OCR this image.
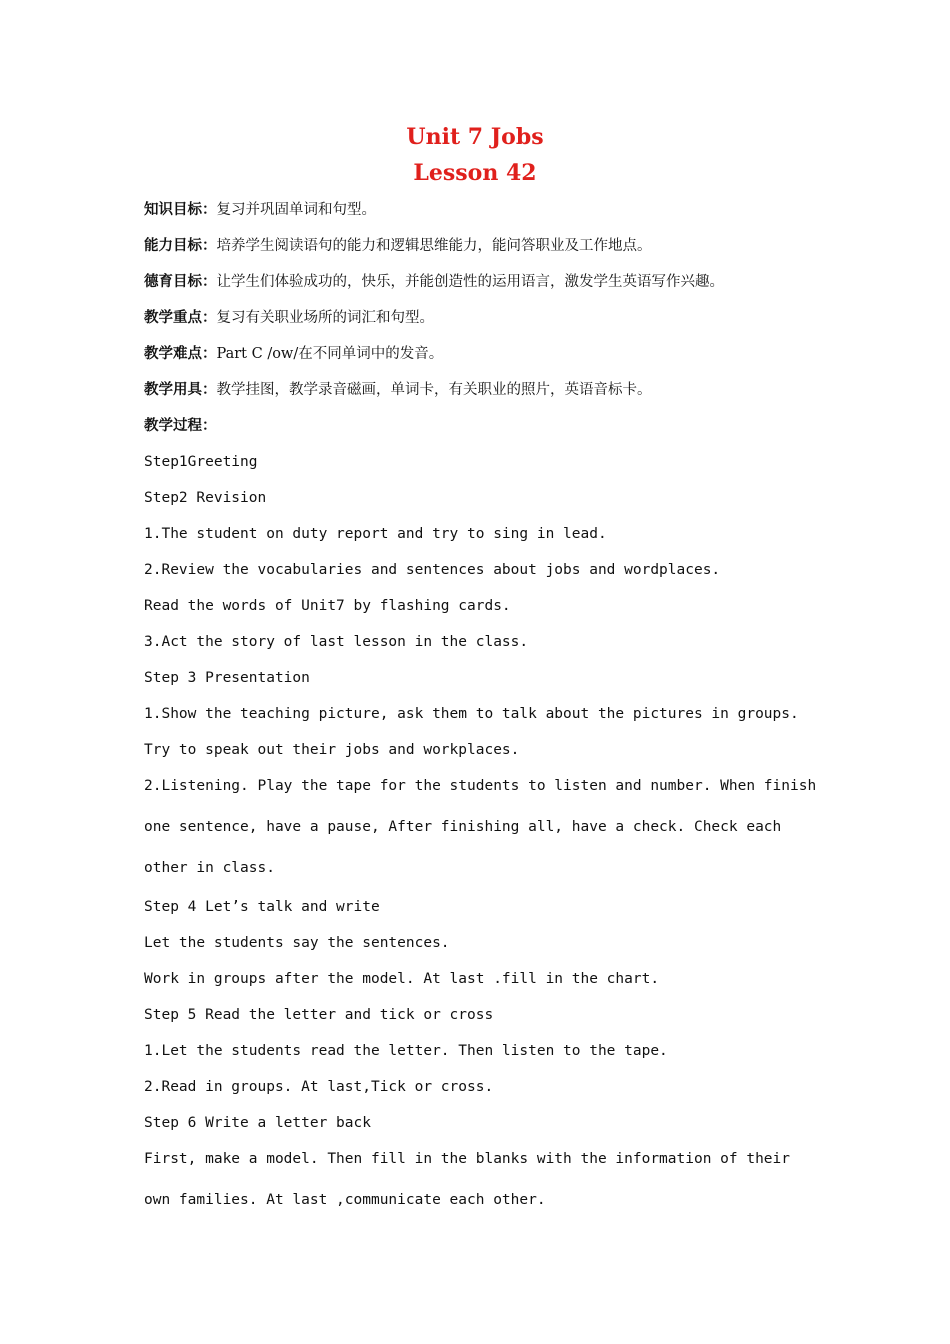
Unit 7 Jobs
Lesson 42
知识目标：复习并巩固单词和句型。
能力目标：培养学生阅读语句的能力和逻辑思维能力，能问答职业及工作地点。
德育目标：让学生们体验成功的，快乐，并能创造性的运用语言，激发学生英语写作兴趣。
教学重点：复习有关职业场所的词汇和句型。
教学难点：Part C /ow/在不同单词中的发音。
教学用具：教学挂图，教学录音磁画，单词卡，有关职业的照片，英语音标卡。
教学过程：
Step1Greeting
Step2 Revision
1.The student on duty report and try to sing in lead.
2.Review the vocabularies and sentences about jobs and wordplaces.
Read the words of Unit7 by flashing cards.
3.Act the story of last lesson in the class.
Step 3 Presentation
1.Show the teaching picture, ask them to talk about the pictures in groups.
Try to speak out their jobs and workplaces.
2.Listening. Play the tape for the students to listen and number. When finish one sentence, have a pause, After finishing all, have a check. Check each other in class.
Step 4 Let’s talk and write
Let the students say the sentences.
Work in groups after the model. At last .fill in the chart.
Step 5 Read the letter and tick or cross
1.Let the students read the letter. Then listen to the tape.
2.Read in groups. At last,Tick or cross.
Step 6 Write a letter back
First, make a model. Then fill in the blanks with the information of their own families. At last ,communicate each other.
